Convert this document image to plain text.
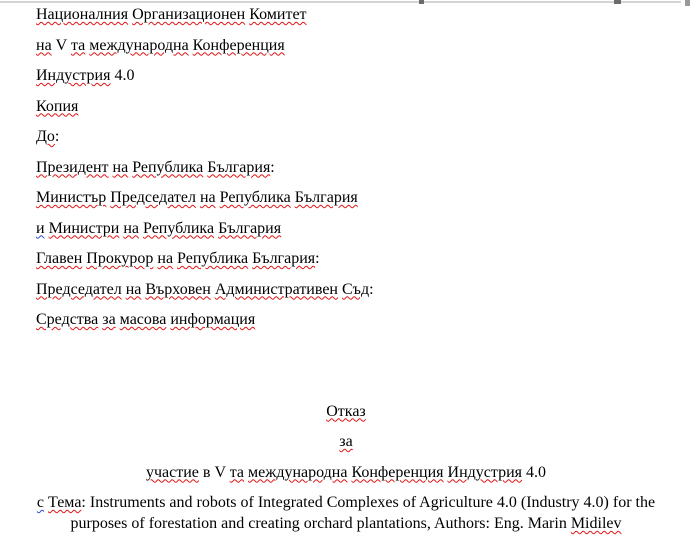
Националния Организационен Комитет
на V та международна Конференция
Индустрия 4.0
Копия
До:
Президент на Република България:
Министър Председател на Република България
и Министри на Република България
Главен Прокурор на Република България:
Председател на Върховен Административен Съд:
Средства за масова информация
Отказ
за
участие в V та международна Конференция Индустрия 4.0
с Тема: Instruments and robots of Integrated Complexes of Agriculture 4.0 (Industry 4.0) for the
purposes of forestation and creating orchard plantations, Authors: Eng. Marin Midilev
